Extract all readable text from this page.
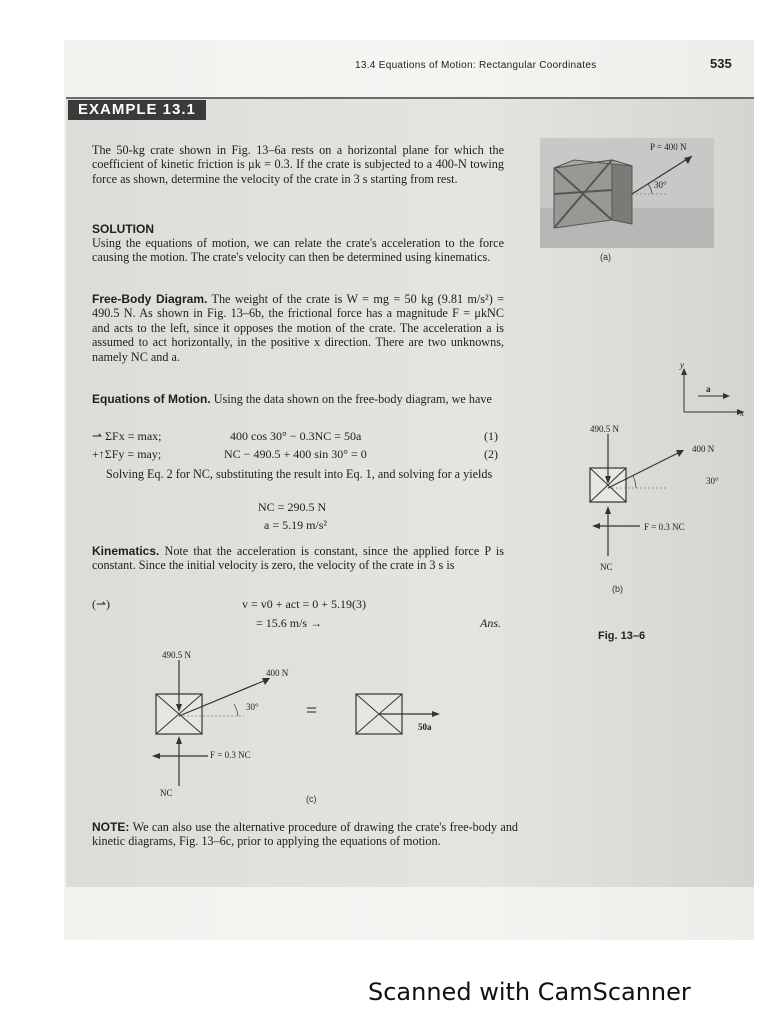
13.4 Equations of Motion: Rectangular Coordinates	535
EXAMPLE 13.1
The 50-kg crate shown in Fig. 13–6a rests on a horizontal plane for which the coefficient of kinetic friction is μk = 0.3. If the crate is subjected to a 400-N towing force as shown, determine the velocity of the crate in 3 s starting from rest.
SOLUTION
Using the equations of motion, we can relate the crate's acceleration to the force causing the motion. The crate's velocity can then be determined using kinematics.
Free-Body Diagram. The weight of the crate is W = mg = 50 kg (9.81 m/s²) = 490.5 N. As shown in Fig. 13–6b, the frictional force has a magnitude F = μkNC and acts to the left, since it opposes the motion of the crate. The acceleration a is assumed to act horizontally, in the positive x direction. There are two unknowns, namely NC and a.
Equations of Motion. Using the data shown on the free-body diagram, we have
⇀ ΣFx = max;	400 cos 30° − 0.3NC = 50a	(1)
+↑ΣFy = may;	NC − 490.5 + 400 sin 30° = 0	(2)
Solving Eq. 2 for NC, substituting the result into Eq. 1, and solving for a yields
NC = 290.5 N
a = 5.19 m/s²
Kinematics. Note that the acceleration is constant, since the applied force P is constant. Since the initial velocity is zero, the velocity of the crate in 3 s is
(⇀)	v = v0 + act = 0 + 5.19(3)
= 15.6 m/s →	Ans.
NOTE: We can also use the alternative procedure of drawing the crate's free-body and kinetic diagrams, Fig. 13–6c, prior to applying the equations of motion.
P = 400 N
30°
(a)
a
y
x
490.5 N
400 N
30°
F = 0.3 NC
NC
(b)
Fig. 13–6
490.5 N
400 N
30°
F = 0.3 NC
NC
=
50a
(c)
Scanned with CamScanner
